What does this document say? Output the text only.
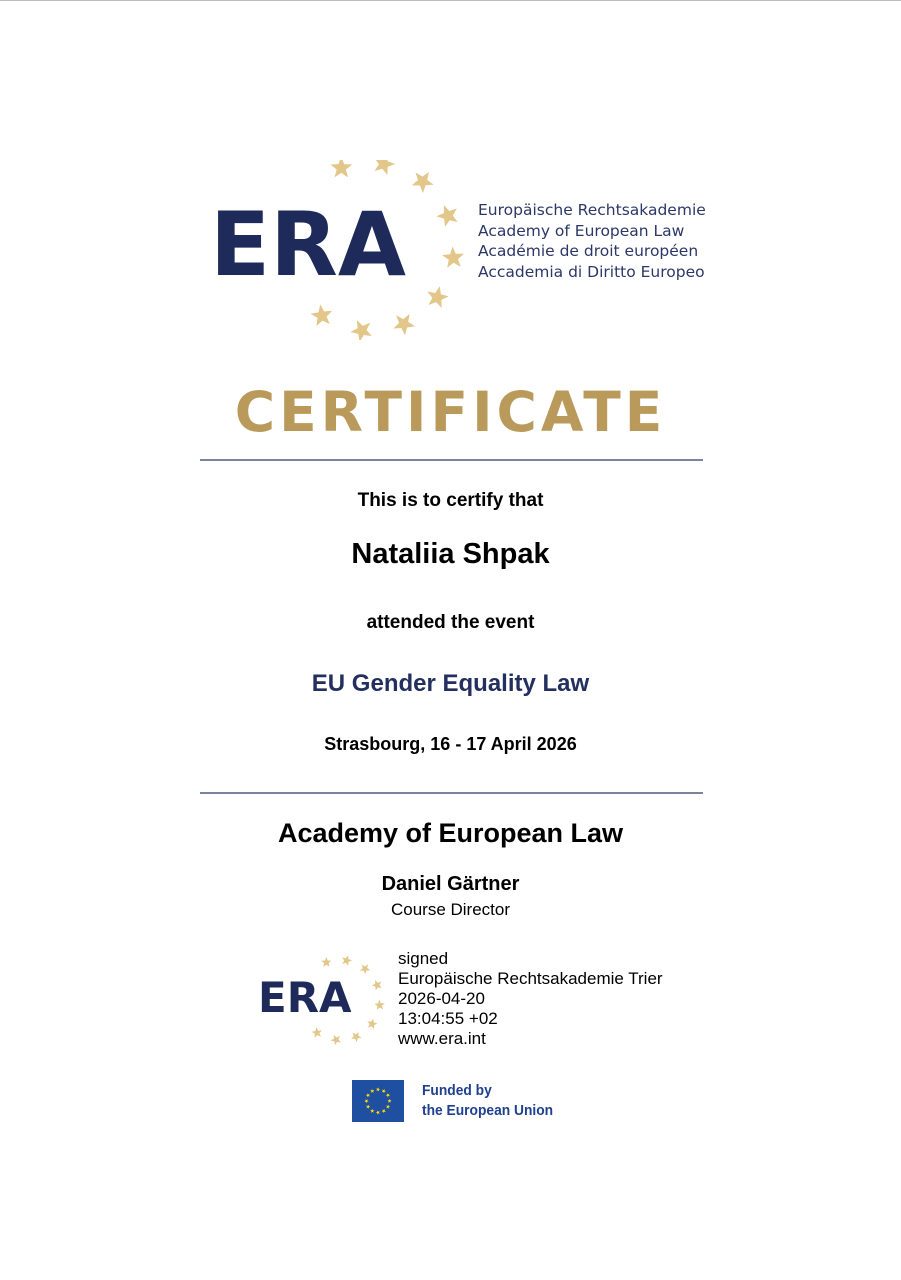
ERA	Europäische Rechtsakademie
Academy of European Law
Académie de droit européen
Accademia di Diritto Europeo
CERTIFICATE
This is to certify that
Nataliia Shpak
attended the event
EU Gender Equality Law
Strasbourg, 16 - 17 April 2026
Academy of European Law
Daniel Gärtner
Course Director
ERA
signed
Europäische Rechtsakademie Trier
2026-04-20
13:04:55 +02
www.era.int
Funded by
the European Union
